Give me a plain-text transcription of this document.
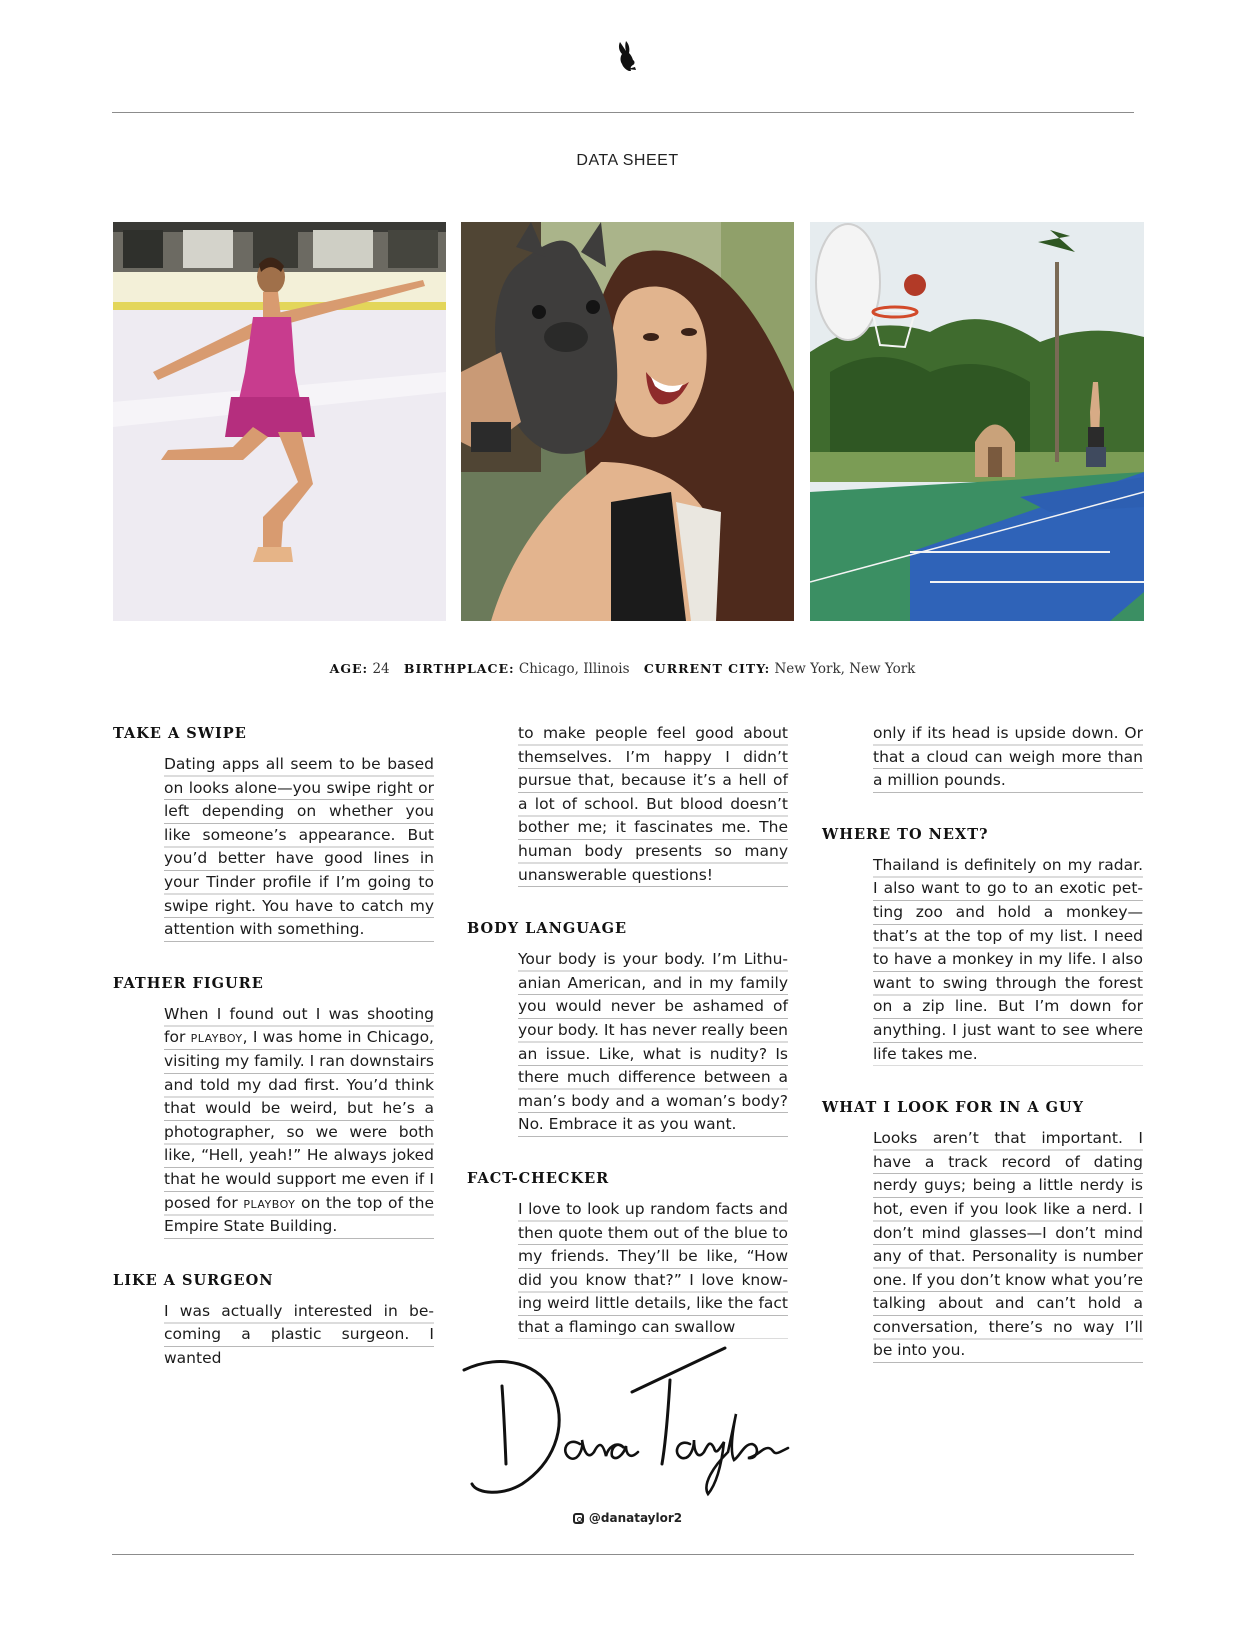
DATA SHEET
AGE: 24 BIRTHPLACE: Chicago, Illinois CURRENT CITY: New York, New York
TAKE A SWIPE
Dating apps all seem to be based on looks alone—you swipe right or left depending on whether you like someone’s appearance. But you’d better have good lines in your Tinder profile if I’m going to swipe right. You have to catch my attention with something.
FATHER FIGURE
When I found out I was shooting for playboy, I was home in Chicago, visiting my family. I ran downstairs and told my dad first. You’d think that would be weird, but he’s a photographer, so we were both like, “Hell, yeah!” He always joked that he would support me even if I posed for playboy on the top of the Empire State Building.
LIKE A SURGEON
I was actually interested in becoming a plastic surgeon. I wanted
to make people feel good about themselves. I’m happy I didn’t pursue that, because it’s a hell of a lot of school. But blood doesn’t bother me; it fascinates me. The human body presents so many unanswerable questions!
BODY LANGUAGE
Your body is your body. I’m Lithuanian American, and in my family you would never be ashamed of your body. It has never really been an issue. Like, what is nudity? Is there much difference between a man’s body and a woman’s body? No. Embrace it as you want.
FACT-CHECKER
I love to look up random facts and then quote them out of the blue to my friends. They’ll be like, “How did you know that?” I love knowing weird little details, like the fact that a flamingo can swallow
only if its head is upside down. Or that a cloud can weigh more than a million pounds.
WHERE TO NEXT?
Thailand is definitely on my radar. I also want to go to an exotic petting zoo and hold a monkey—that’s at the top of my list. I need to have a monkey in my life. I also want to swing through the forest on a zip line. But I’m down for anything. I just want to see where life takes me.
WHAT I LOOK FOR IN A GUY
Looks aren’t that important. I have a track record of dating nerdy guys; being a little nerdy is hot, even if you look like a nerd. I don’t mind glasses—I don’t mind any of that. Personality is number one. If you don’t know what you’re talking about and can’t hold a conversation, there’s no way I’ll be into you.
Dana Taylor
@danataylor2
